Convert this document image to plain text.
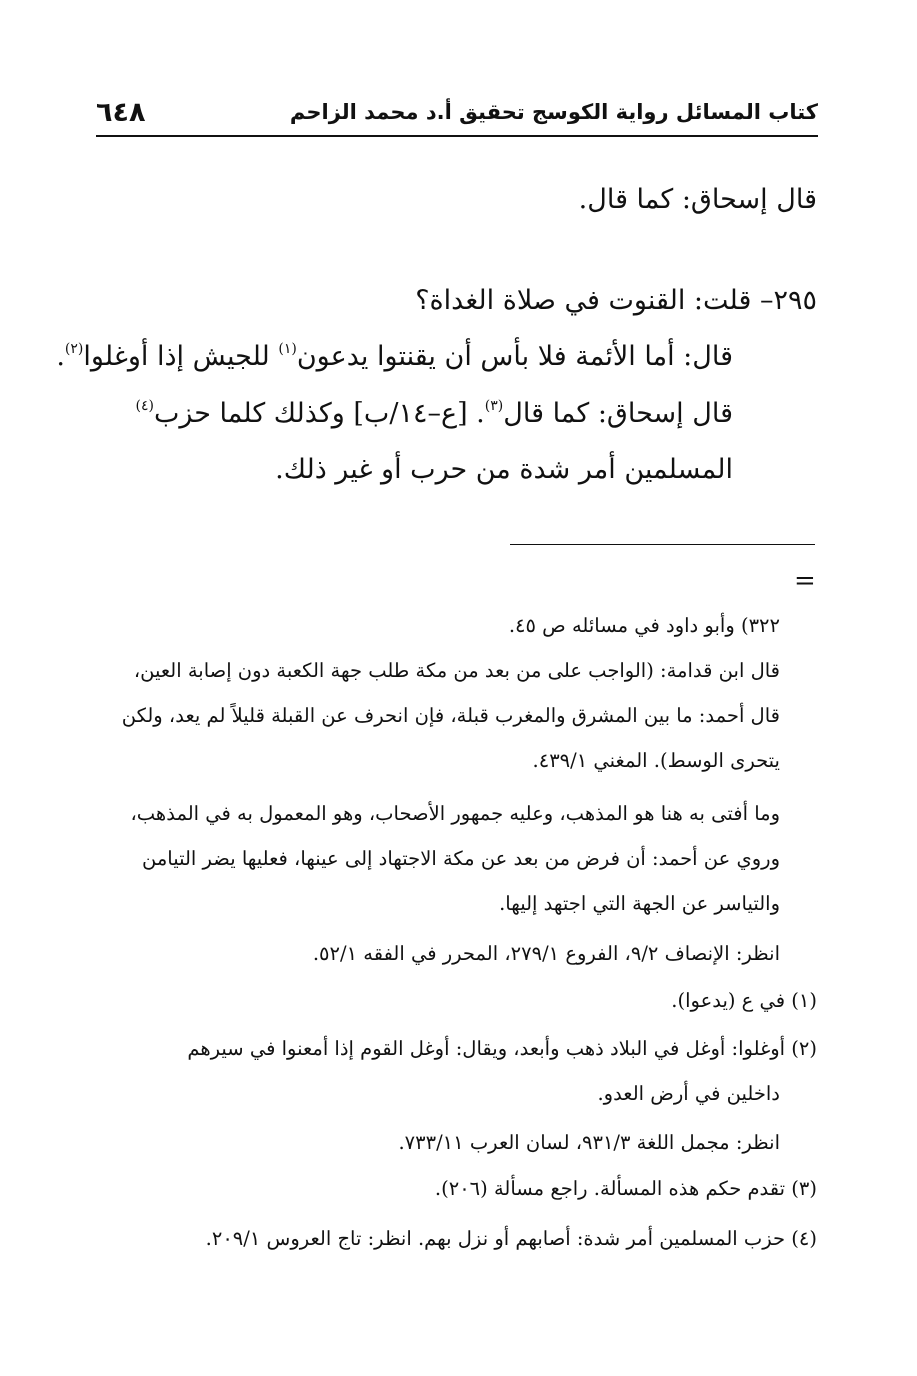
كتاب المسائل رواية الكوسج تحقيق أ.د محمد الزاحم
٦٤٨
قال إسحاق: كما قال.
٢٩٥– قلت: القنوت في صلاة الغداة؟
قال: أما الأئمة فلا بأس أن يقنتوا يدعون$^{(١)}$ للجيش إذا أوغلوا$^{(٢)}$.
قال إسحاق: كما قال$^{(٣)}$. [ع–١٤/ب] وكذلك كلما حزب$^{(٤)}$
المسلمين أمر شدة من حرب أو غير ذلك.
=
٣٢٢) وأبو داود في مسائله ص ٤٥.
قال ابن قدامة: (الواجب على من بعد من مكة طلب جهة الكعبة دون إصابة العين،
قال أحمد: ما بين المشرق والمغرب قبلة، فإن انحرف عن القبلة قليلاً لم يعد، ولكن
يتحرى الوسط). المغني ٤٣٩/١.
وما أفتى به هنا هو المذهب، وعليه جمهور الأصحاب، وهو المعمول به في المذهب،
وروي عن أحمد: أن فرض من بعد عن مكة الاجتهاد إلى عينها، فعليها يضر التيامن
والتياسر عن الجهة التي اجتهد إليها.
انظر: الإنصاف ٩/٢، الفروع ٢٧٩/١، المحرر في الفقه ٥٢/١.
(١) في ع (يدعوا).
(٢) أوغلوا: أوغل في البلاد ذهب وأبعد، ويقال: أوغل القوم إذا أمعنوا في سيرهم
داخلين في أرض العدو.
انظر: مجمل اللغة ٩٣١/٣، لسان العرب ٧٣٣/١١.
(٣) تقدم حكم هذه المسألة. راجع مسألة (٢٠٦).
(٤) حزب المسلمين أمر شدة: أصابهم أو نزل بهم. انظر: تاج العروس ٢٠٩/١.
